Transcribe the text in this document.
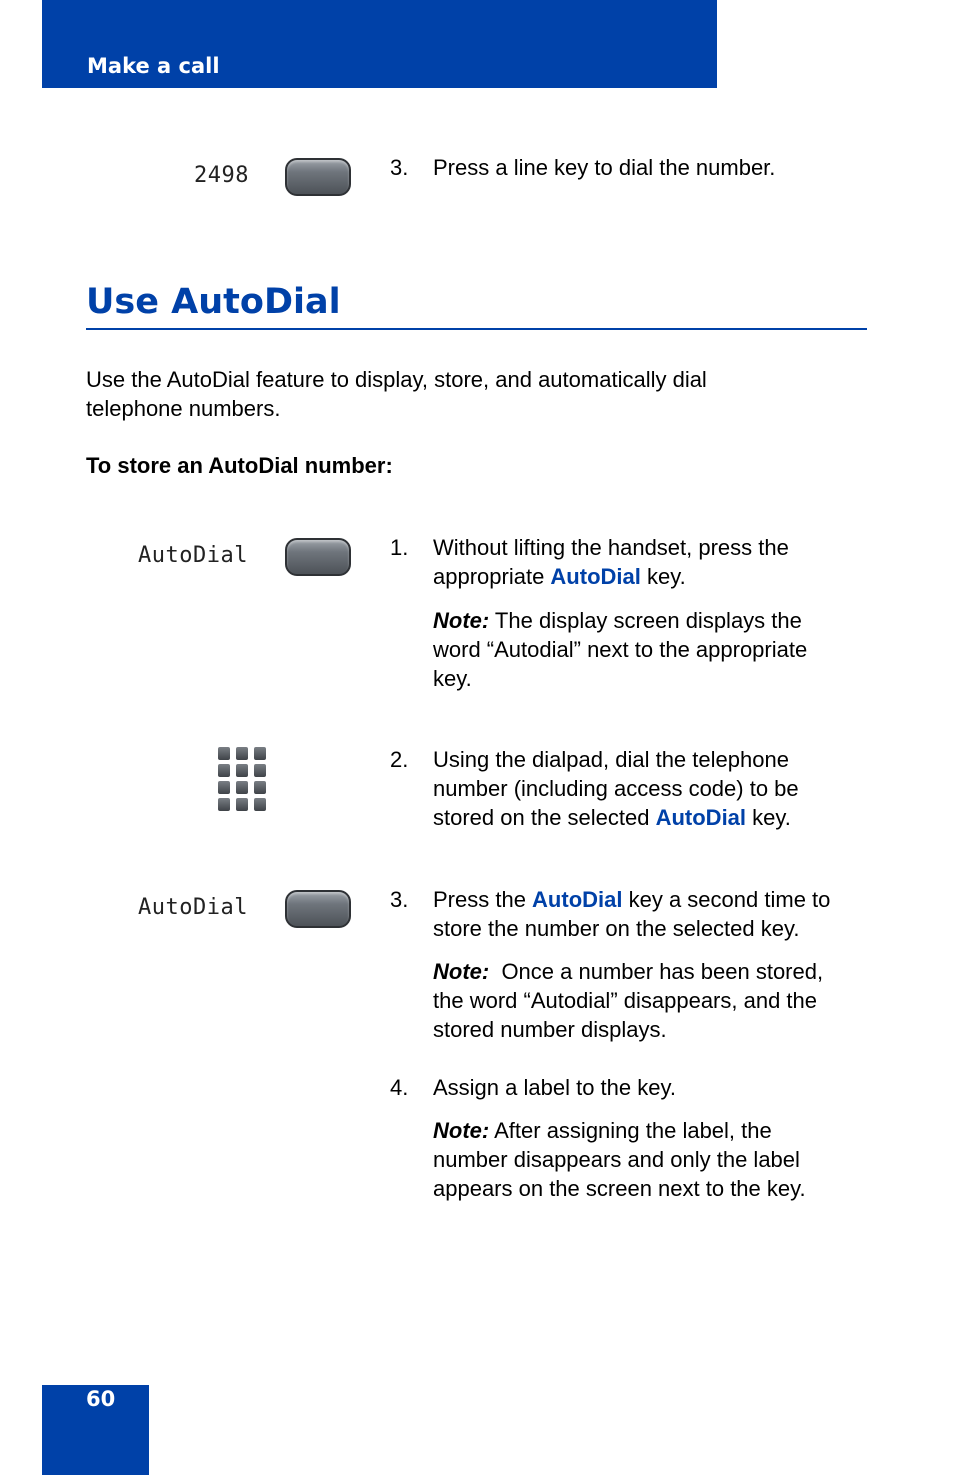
Make a call
2498	3. Press a line key to dial the number.
Use AutoDial
Use the AutoDial feature to display, store, and automatically dial
telephone numbers.
To store an AutoDial number:
AutoDial	1. Without lifting the handset, press the
appropriate AutoDial key.
Note: The display screen displays the
word “Autodial” next to the appropriate
key.
2. Using the dialpad, dial the telephone
number (including access code) to be
stored on the selected AutoDial key.
AutoDial	3. Press the AutoDial key a second time to
store the number on the selected key.
Note:  Once a number has been stored,
the word “Autodial” disappears, and the
stored number displays.
4. Assign a label to the key.
Note: After assigning the label, the
number disappears and only the label
appears on the screen next to the key.
60
